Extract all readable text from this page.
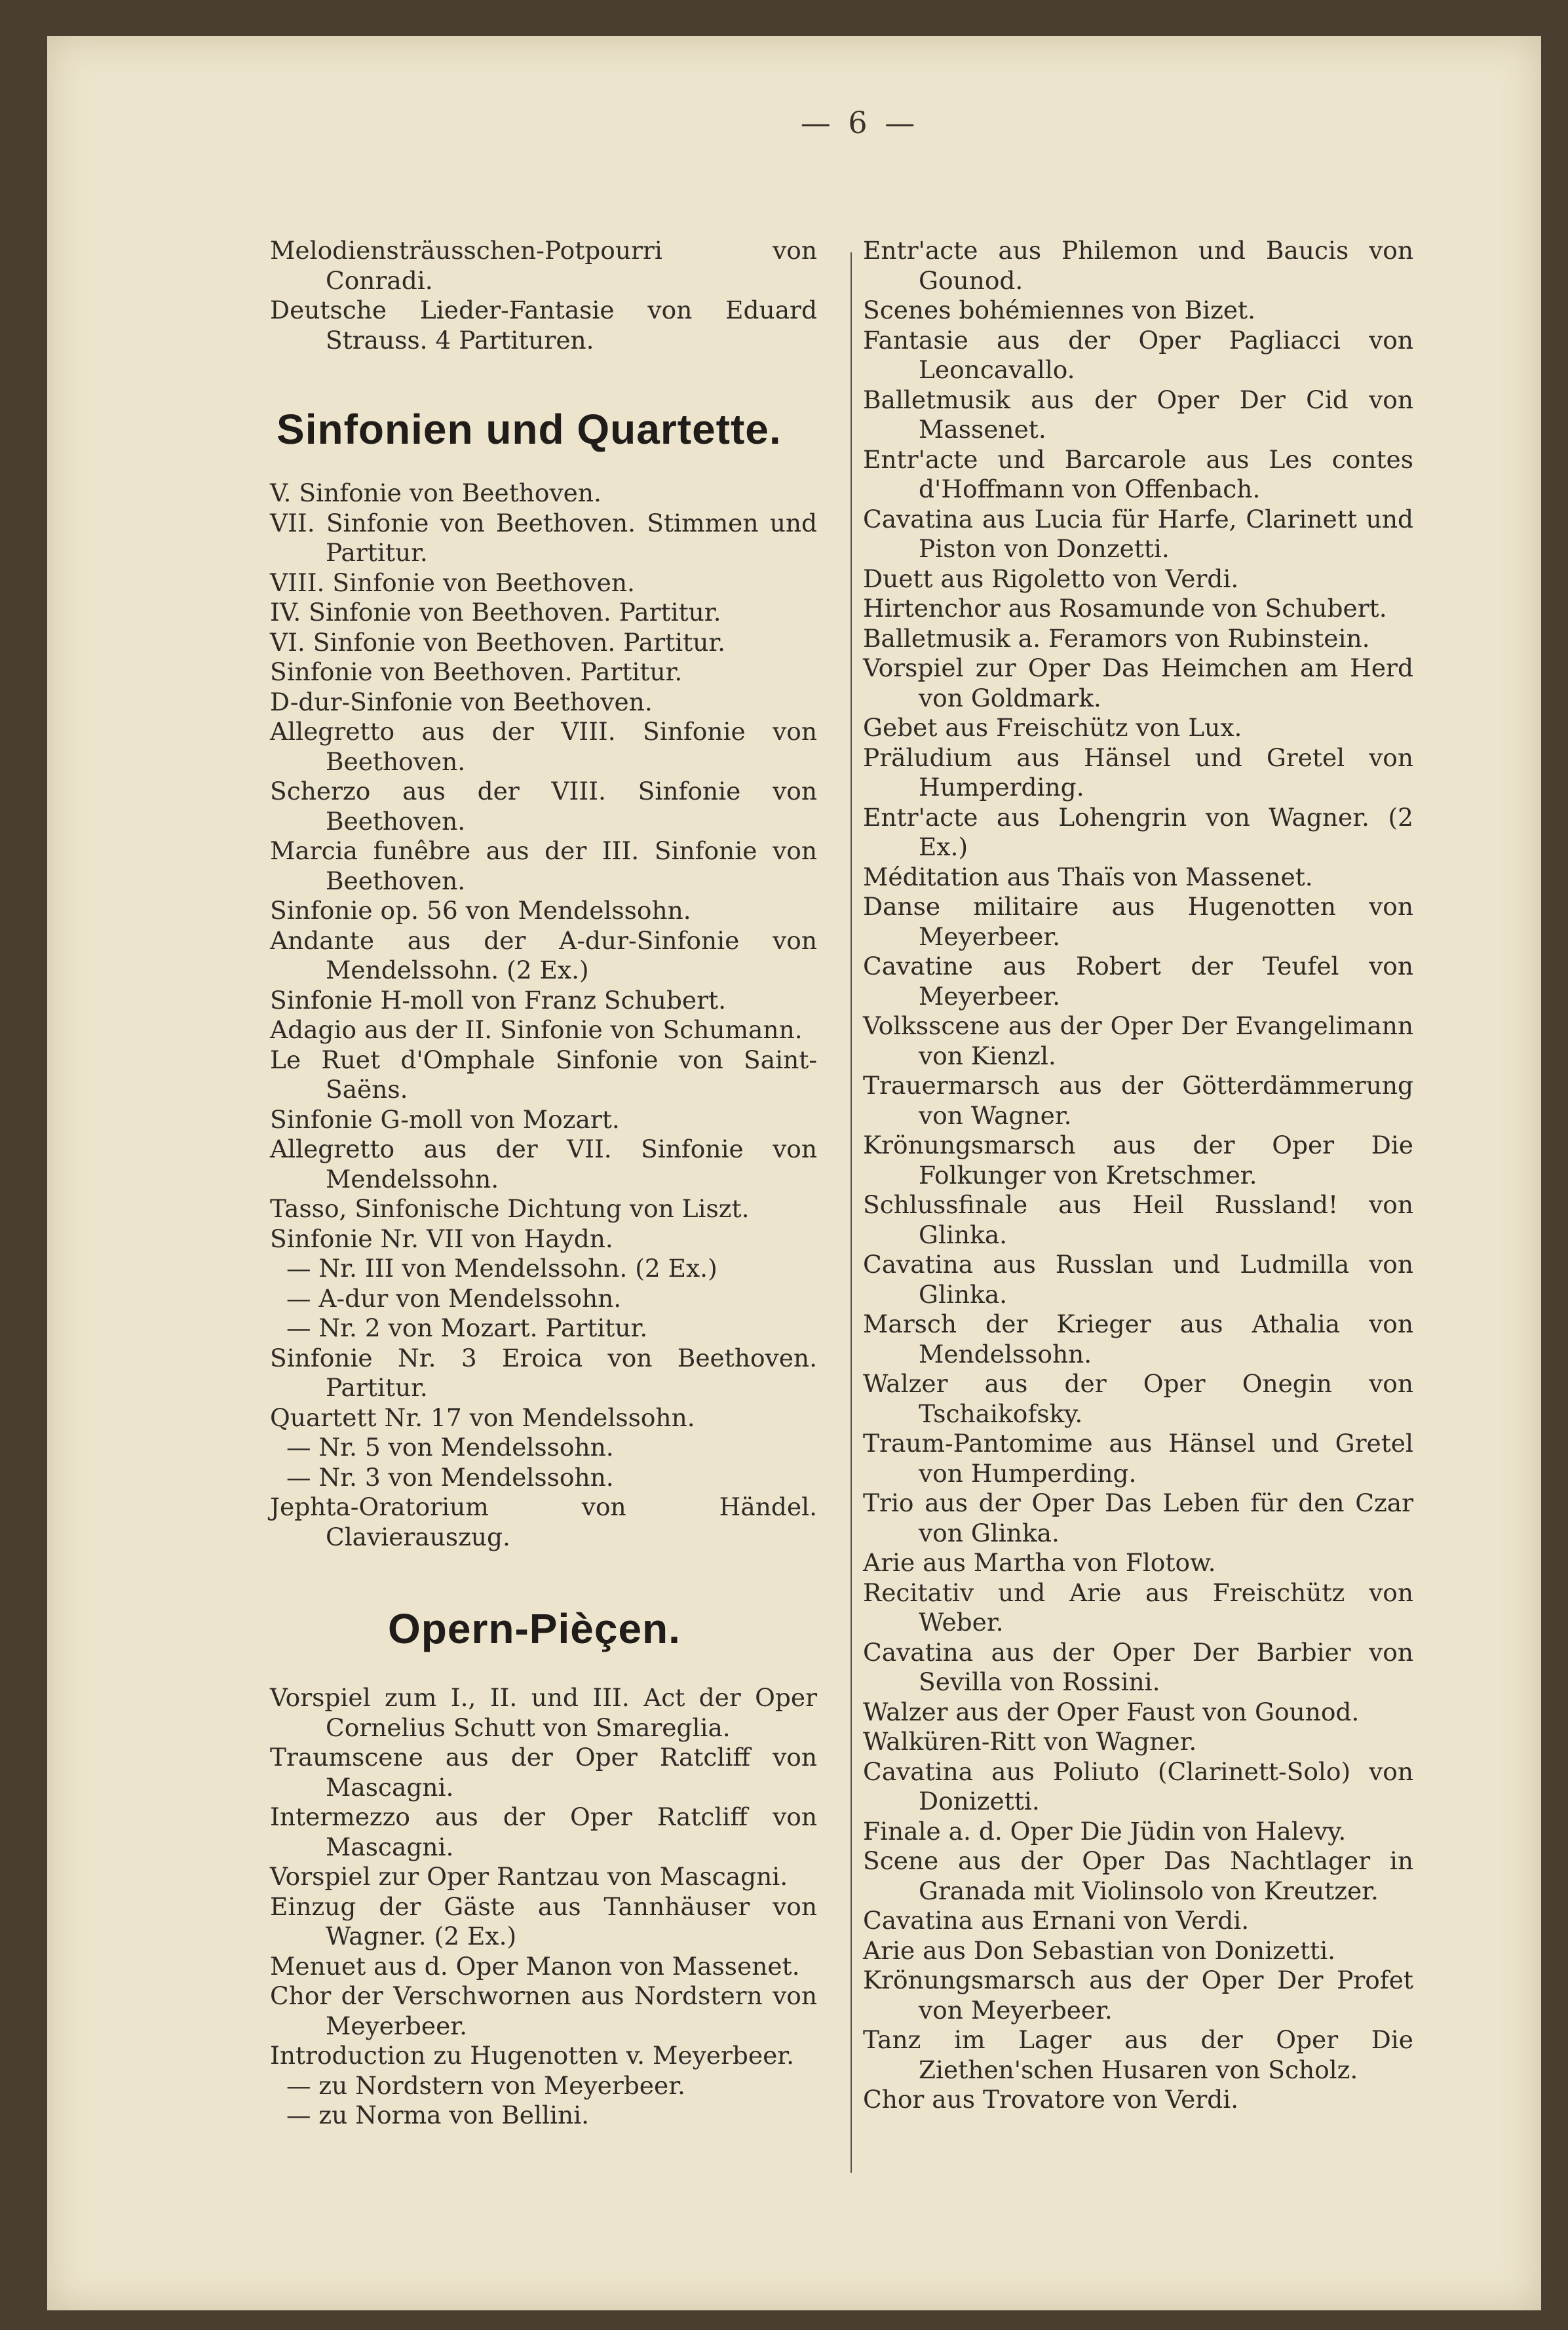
— 6 —

Melodiensträusschen-Potpourri von Conradi.

Deutsche Lieder-Fantasie von Eduard Strauss. 4 Partituren.

Sinfonien und Quartette.

V. Sinfonie von Beethoven.

VII. Sinfonie von Beethoven. Stimmen und Partitur.

VIII. Sinfonie von Beethoven.

IV. Sinfonie von Beethoven. Partitur.

VI. Sinfonie von Beethoven. Partitur.

Sinfonie von Beethoven. Partitur.

D-dur-Sinfonie von Beethoven.

Allegretto aus der VIII. Sinfonie von Beethoven.

Scherzo aus der VIII. Sinfonie von Beethoven.

Marcia funêbre aus der III. Sinfonie von Beethoven.

Sinfonie op. 56 von Mendelssohn.

Andante aus der A-dur-Sinfonie von Mendelssohn. (2 Ex.)

Sinfonie H-moll von Franz Schubert.

Adagio aus der II. Sinfonie von Schumann.

Le Ruet d'Omphale Sinfonie von Saint-Saëns.

Sinfonie G-moll von Mozart.

Allegretto aus der VII. Sinfonie von Mendelssohn.

Tasso, Sinfonische Dichtung von Liszt.

Sinfonie Nr. VII von Haydn.

— Nr. III von Mendelssohn. (2 Ex.)

— A-dur von Mendelssohn.

— Nr. 2 von Mozart. Partitur.

Sinfonie Nr. 3 Eroica von Beethoven. Partitur.

Quartett Nr. 17 von Mendelssohn.

— Nr. 5 von Mendelssohn.

— Nr. 3 von Mendelssohn.

Jephta-Oratorium von Händel. Clavierauszug.

Opern-Pièçen.

Vorspiel zum I., II. und III. Act der Oper Cornelius Schutt von Smareglia.

Traumscene aus der Oper Ratcliff von Mascagni.

Intermezzo aus der Oper Ratcliff von Mascagni.

Vorspiel zur Oper Rantzau von Mascagni.

Einzug der Gäste aus Tannhäuser von Wagner. (2 Ex.)

Menuet aus d. Oper Manon von Massenet.

Chor der Verschwornen aus Nordstern von Meyerbeer.

Introduction zu Hugenotten v. Meyerbeer.

— zu Nordstern von Meyerbeer.

— zu Norma von Bellini.

Entr'acte aus Philemon und Baucis von Gounod.

Scenes bohémiennes von Bizet.

Fantasie aus der Oper Pagliacci von Leoncavallo.

Balletmusik aus der Oper Der Cid von Massenet.

Entr'acte und Barcarole aus Les contes d'Hoffmann von Offenbach.

Cavatina aus Lucia für Harfe, Clarinett und Piston von Donzetti.

Duett aus Rigoletto von Verdi.

Hirtenchor aus Rosamunde von Schubert.

Balletmusik a. Feramors von Rubinstein.

Vorspiel zur Oper Das Heimchen am Herd von Goldmark.

Gebet aus Freischütz von Lux.

Präludium aus Hänsel und Gretel von Humperding.

Entr'acte aus Lohengrin von Wagner. (2 Ex.)

Méditation aus Thaïs von Massenet.

Danse militaire aus Hugenotten von Meyerbeer.

Cavatine aus Robert der Teufel von Meyerbeer.

Volksscene aus der Oper Der Evangelimann von Kienzl.

Trauermarsch aus der Götterdämmerung von Wagner.

Krönungsmarsch aus der Oper Die Folkunger von Kretschmer.

Schlussfinale aus Heil Russland! von Glinka.

Cavatina aus Russlan und Ludmilla von Glinka.

Marsch der Krieger aus Athalia von Mendelssohn.

Walzer aus der Oper Onegin von Tschaikofsky.

Traum-Pantomime aus Hänsel und Gretel von Humperding.

Trio aus der Oper Das Leben für den Czar von Glinka.

Arie aus Martha von Flotow.

Recitativ und Arie aus Freischütz von Weber.

Cavatina aus der Oper Der Barbier von Sevilla von Rossini.

Walzer aus der Oper Faust von Gounod.

Walküren-Ritt von Wagner.

Cavatina aus Poliuto (Clarinett-Solo) von Donizetti.

Finale a. d. Oper Die Jüdin von Halevy.

Scene aus der Oper Das Nachtlager in Granada mit Violinsolo von Kreutzer.

Cavatina aus Ernani von Verdi.

Arie aus Don Sebastian von Donizetti.

Krönungsmarsch aus der Oper Der Profet von Meyerbeer.

Tanz im Lager aus der Oper Die Ziethen'schen Husaren von Scholz.

Chor aus Trovatore von Verdi.
